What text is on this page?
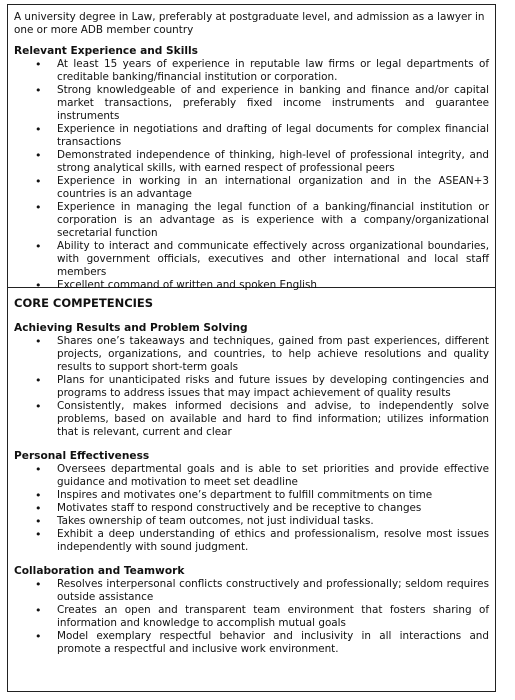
A university degree in Law, preferably at postgraduate level, and admission as a lawyer in one or more ADB member country

Relevant Experience and Skills

• At least 15 years of experience in reputable law firms or legal departments of creditable banking/financial institution or corporation.
• Strong knowledgeable of and experience in banking and finance and/or capital market transactions, preferably fixed income instruments and guarantee instruments
• Experience in negotiations and drafting of legal documents for complex financial transactions
• Demonstrated independence of thinking, high-level of professional integrity, and strong analytical skills, with earned respect of professional peers
• Experience in working in an international organization and in the ASEAN+3 countries is an advantage
• Experience in managing the legal function of a banking/financial institution or corporation is an advantage as is experience with a company/organizational secretarial function
• Ability to interact and communicate effectively across organizational boundaries, with government officials, executives and other international and local staff members
• Excellent command of written and spoken English

CORE COMPETENCIES

Achieving Results and Problem Solving

• Shares one’s takeaways and techniques, gained from past experiences, different projects, organizations, and countries, to help achieve resolutions and quality results to support short-term goals
• Plans for unanticipated risks and future issues by developing contingencies and programs to address issues that may impact achievement of quality results
• Consistently, makes informed decisions and advise, to independently solve problems, based on available and hard to find information; utilizes information that is relevant, current and clear

Personal Effectiveness

• Oversees departmental goals and is able to set priorities and provide effective guidance and motivation to meet set deadline
• Inspires and motivates one’s department to fulfill commitments on time
• Motivates staff to respond constructively and be receptive to changes
• Takes ownership of team outcomes, not just individual tasks.
• Exhibit a deep understanding of ethics and professionalism, resolve most issues independently with sound judgment.

Collaboration and Teamwork

• Resolves interpersonal conflicts constructively and professionally; seldom requires outside assistance
• Creates an open and transparent team environment that fosters sharing of information and knowledge to accomplish mutual goals
• Model exemplary respectful behavior and inclusivity in all interactions and promote a respectful and inclusive work environment.
